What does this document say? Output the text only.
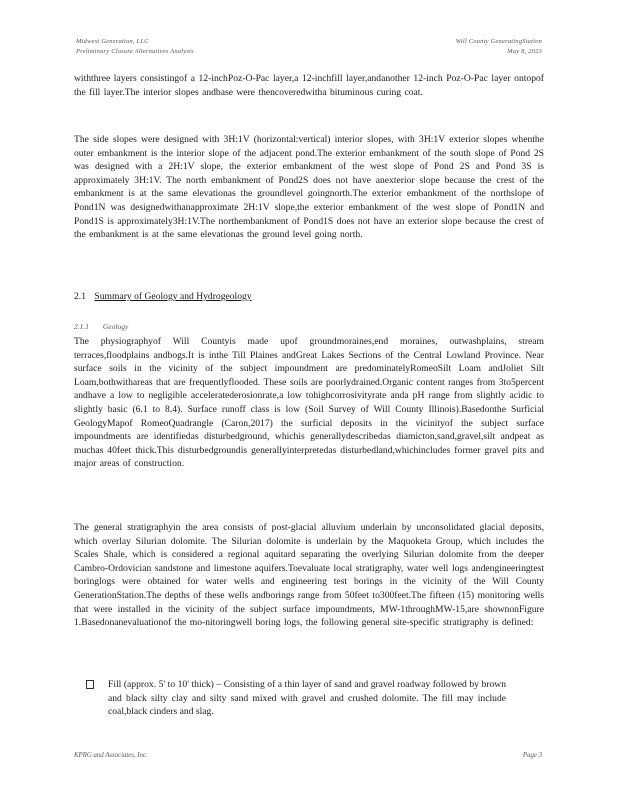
Midwest Generation, LLC
Preliminary Closure Alternatives Analysis
Will County GeneratingStation
May 8, 2023
withthree layers consistingof a 12-inchPoz-O-Pac layer,a 12-inchfill layer,andanother 12-inch Poz-O-Pac layer ontopof the fill layer.The interior slopes andbase were thencoveredwitha bituminous curing coat.
The side slopes were designed with 3H:1V (horizontal:vertical) interior slopes, with 3H:1V exterior slopes whenthe outer embankment is the interior slope of the adjacent pond.The exterior embankment of the south slope of Pond 2S was designed with a 2H:1V slope, the exterior embankment of the west slope of Pond 2S and Pond 3S is approximately 3H:1V. The north embankment of Pond2S does not have anexterior slope because the crest of the embankment is at the same elevationas the groundlevel goingnorth.The exterior embankment of the northslope of Pond1N was designedwithanapproximate 2H:1V slope,the exterior embankment of the west slope of Pond1N and Pond1S is approximately3H:1V.The northembankment of Pond1S does not have an exterior slope because the crest of the embankment is at the same elevationas the ground level going north.
2.1 Summary of Geology and Hydrogeology
2.1.1 Geology
The physiographyof Will Countyis made upof groundmoraines,end moraines, outwashplains, stream terraces,floodplains andbogs.It is inthe Till Plaines andGreat Lakes Sections of the Central Lowland Province. Near surface soils in the vicinity of the subject impoundment are predominatelyRomeoSilt Loam andJoliet Silt Loam,bothwithareas that are frequentlyflooded. These soils are poorlydrained.Organic content ranges from 3to5percent andhave a low to negligible acceleratederosionrate,a low tohighcorrosivityrate anda pH range from slightly acidic to slightly basic (6.1 to 8.4). Surface runoff class is low (Soil Survey of Will County Illinois).Basedonthe Surficial GeologyMapof RomeoQuadrangle (Caron,2017) the surficial deposits in the vicinityof the subject surface impoundments are identifiedas disturbedground, whichis generallydescribedas diamicton,sand,gravel,silt andpeat as muchas 40feet thick.This disturbedgroundis generallyinterpretedas disturbedland,whichincludes former gravel pits and major areas of construction.
The general stratigraphyin the area consists of post-glacial alluvium underlain by unconsolidated glacial deposits, which overlay Silurian dolomite. The Silurian dolomite is underlain by the Maquoketa Group, which includes the Scales Shale, which is considered a regional aquitard separating the overlying Silurian dolomite from the deeper Cambro-Ordovician sandstone and limestone aquifers.Toevaluate local stratigraphy, water well logs andengineeringtest boringlogs were obtained for water wells and engineering test borings in the vicinity of the Will County GenerationStation.The depths of these wells andborings range from 50feet to300feet.The fifteen (15) monitoring wells that were installed in the vicinity of the subject surface impoundments, MW-1throughMW-15,are shownonFigure 1.Basedonanevaluationof the mo-nitoringwell boring logs, the following general site-specific stratigraphy is defined:
Fill (approx. 5' to 10' thick) – Consisting of a thin layer of sand and gravel roadway followed by brown and black silty clay and silty sand mixed with gravel and crushed dolomite. The fill may include coal,black cinders and slag.
KPRG and Associates, Inc.	Page 3
